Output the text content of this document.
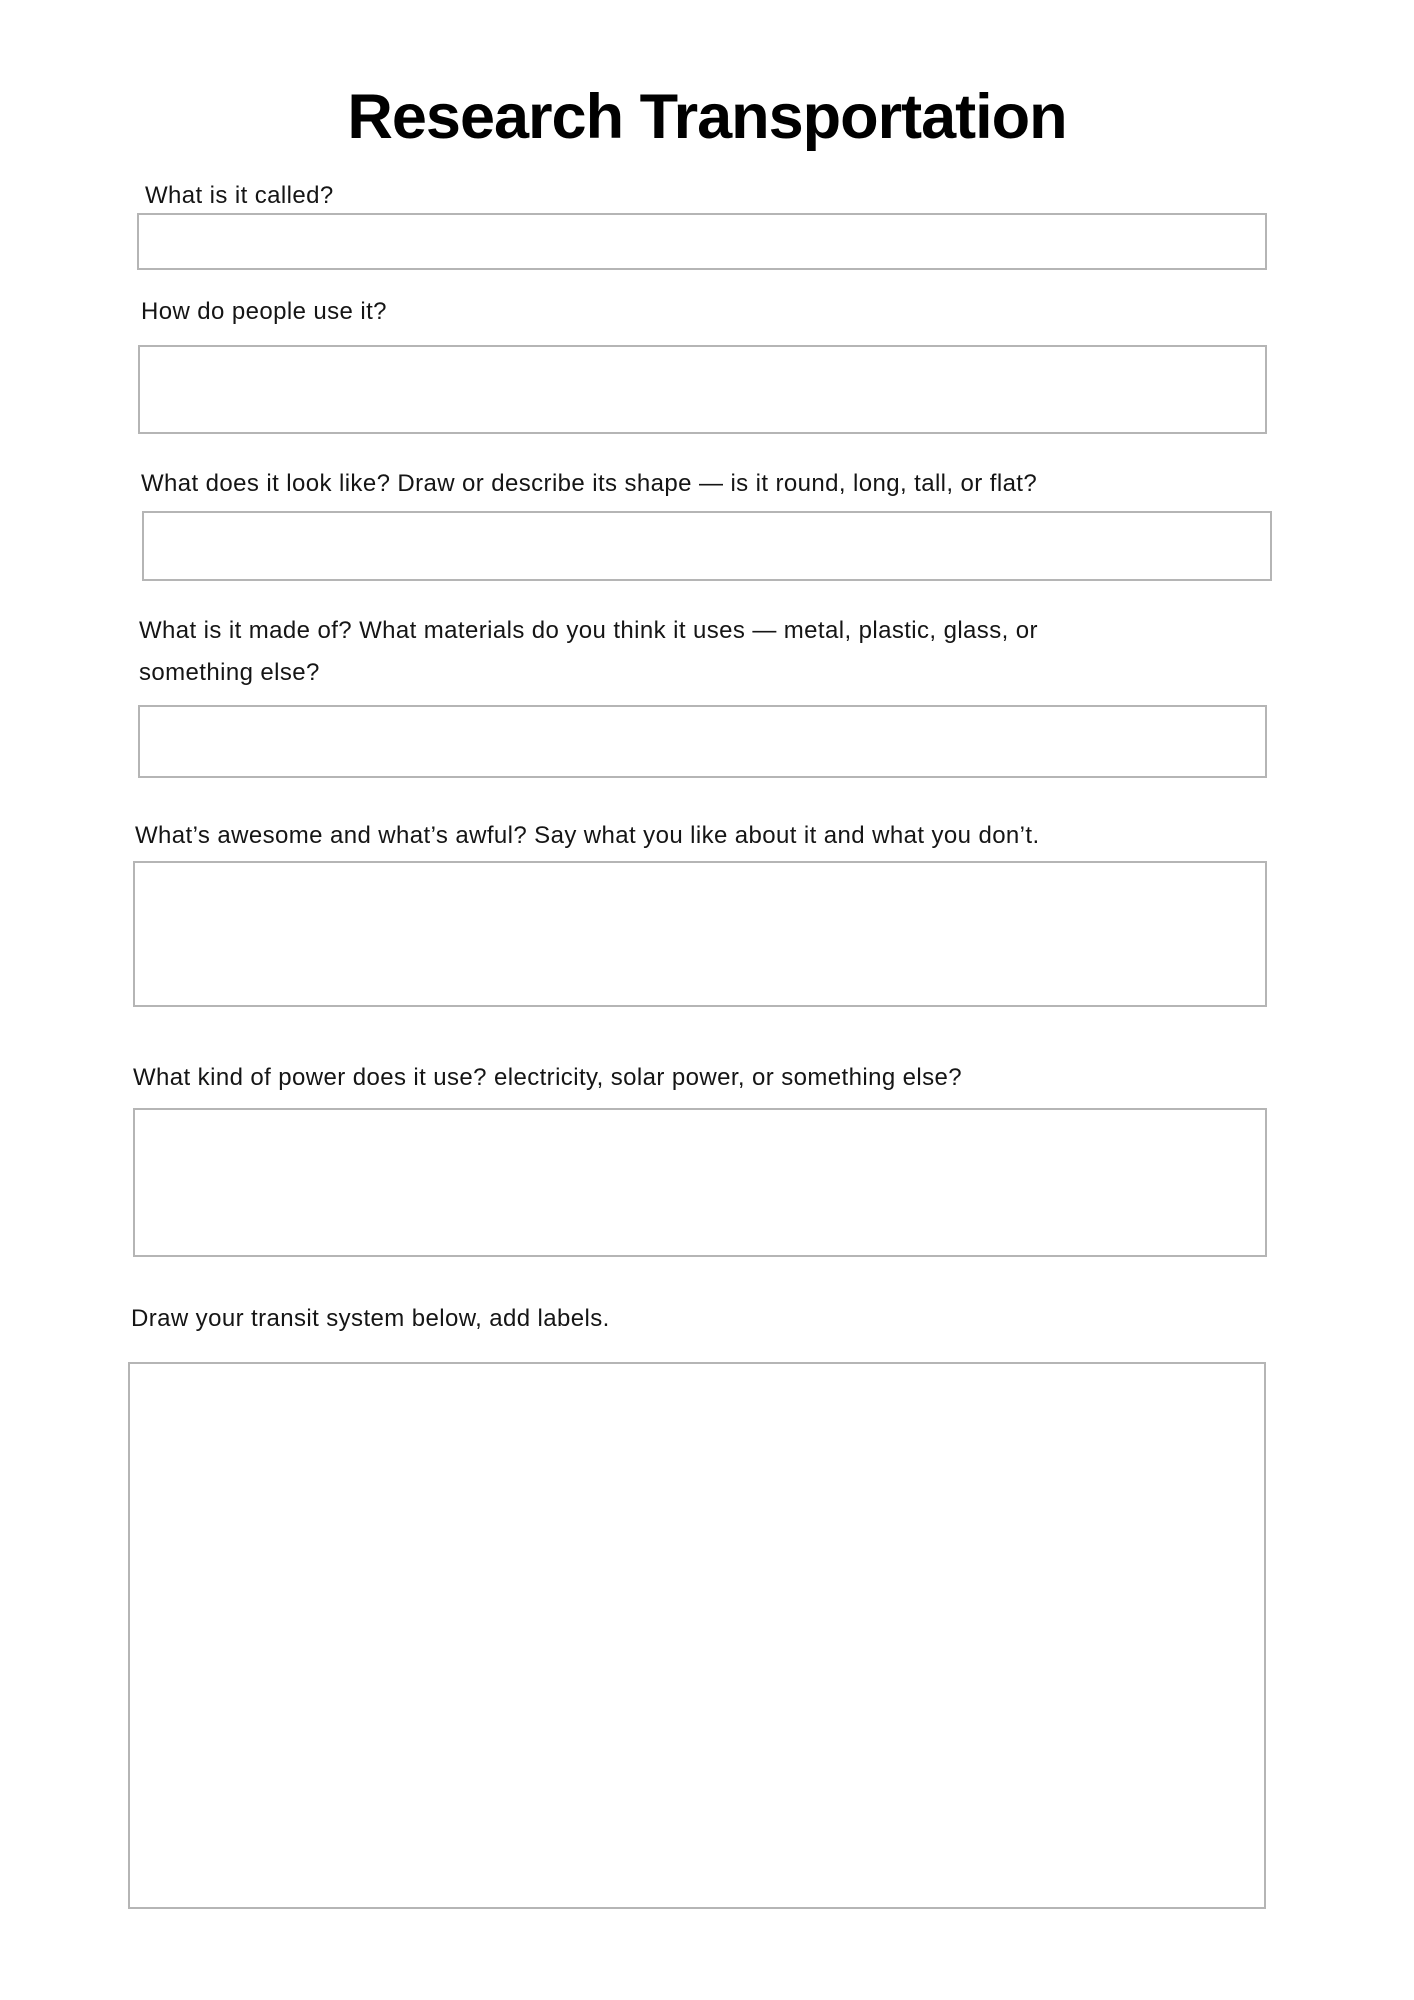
Research Transportation
What is it called?
How do people use it?
What does it look like? Draw or describe its shape — is it round, long, tall, or flat?
What is it made of? What materials do you think it uses — metal, plastic, glass, or something else?
What’s awesome and what’s awful? Say what you like about it and what you don’t.
What kind of power does it use? electricity, solar power, or something else?
Draw your transit system below, add labels.
